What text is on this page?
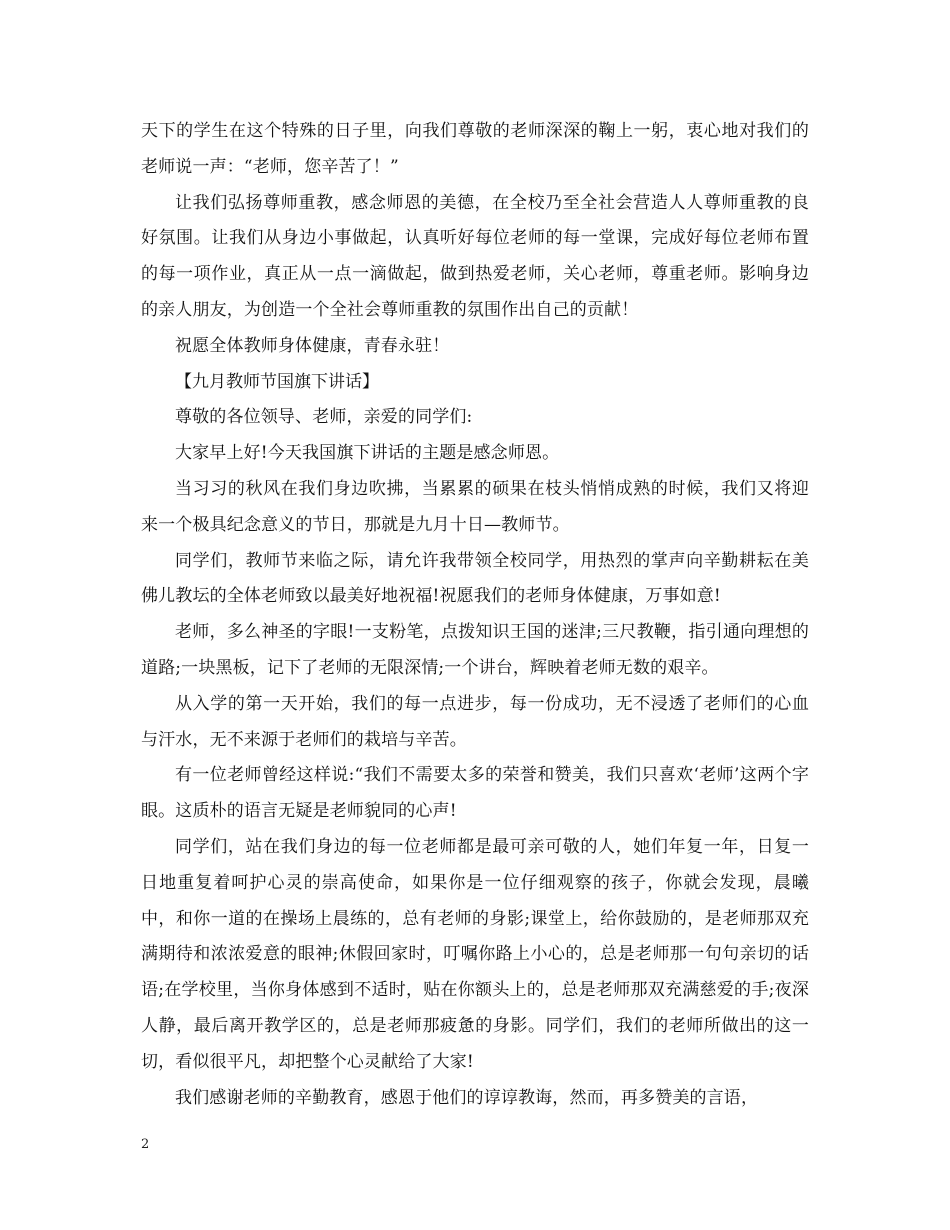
天下的学生在这个特殊的日子里，向我们尊敬的老师深深的鞠上一躬，衷心地对我们的老师说一声：“老师，您辛苦了！”

让我们弘扬尊师重教，感念师恩的美德，在全校乃至全社会营造人人尊师重教的良好氛围。让我们从身边小事做起，认真听好每位老师的每一堂课，完成好每位老师布置的每一项作业，真正从一点一滴做起，做到热爱老师，关心老师，尊重老师。影响身边的亲人朋友，为创造一个全社会尊师重教的氛围作出自己的贡献！

祝愿全体教师身体健康，青春永驻！

【九月教师节国旗下讲话】

尊敬的各位领导、老师，亲爱的同学们:

大家早上好!今天我国旗下讲话的主题是感念师恩。

当习习的秋风在我们身边吹拂，当累累的硕果在枝头悄悄成熟的时候，我们又将迎来一个极具纪念意义的节日，那就是九月十日—教师节。

同学们，教师节来临之际，请允许我带领全校同学，用热烈的掌声向辛勤耕耘在美佛儿教坛的全体老师致以最美好地祝福!祝愿我们的老师身体健康，万事如意!

老师，多么神圣的字眼!一支粉笔，点拨知识王国的迷津;三尺教鞭，指引通向理想的道路;一块黑板，记下了老师的无限深情;一个讲台，辉映着老师无数的艰辛。

从入学的第一天开始，我们的每一点进步，每一份成功，无不浸透了老师们的心血与汗水，无不来源于老师们的栽培与辛苦。

有一位老师曾经这样说:“我们不需要太多的荣誉和赞美，我们只喜欢‘老师’这两个字眼。这质朴的语言无疑是老师貌同的心声!

同学们，站在我们身边的每一位老师都是最可亲可敬的人，她们年复一年，日复一日地重复着呵护心灵的崇高使命，如果你是一位仔细观察的孩子，你就会发现，晨曦中，和你一道的在操场上晨练的，总有老师的身影;课堂上，给你鼓励的，是老师那双充满期待和浓浓爱意的眼神;休假回家时，叮嘱你路上小心的，总是老师那一句句亲切的话语;在学校里，当你身体感到不适时，贴在你额头上的，总是老师那双充满慈爱的手;夜深人静，最后离开教学区的，总是老师那疲惫的身影。同学们，我们的老师所做出的这一切，看似很平凡，却把整个心灵献给了大家!

我们感谢老师的辛勤教育，感恩于他们的谆谆教诲，然而，再多赞美的言语，

2
